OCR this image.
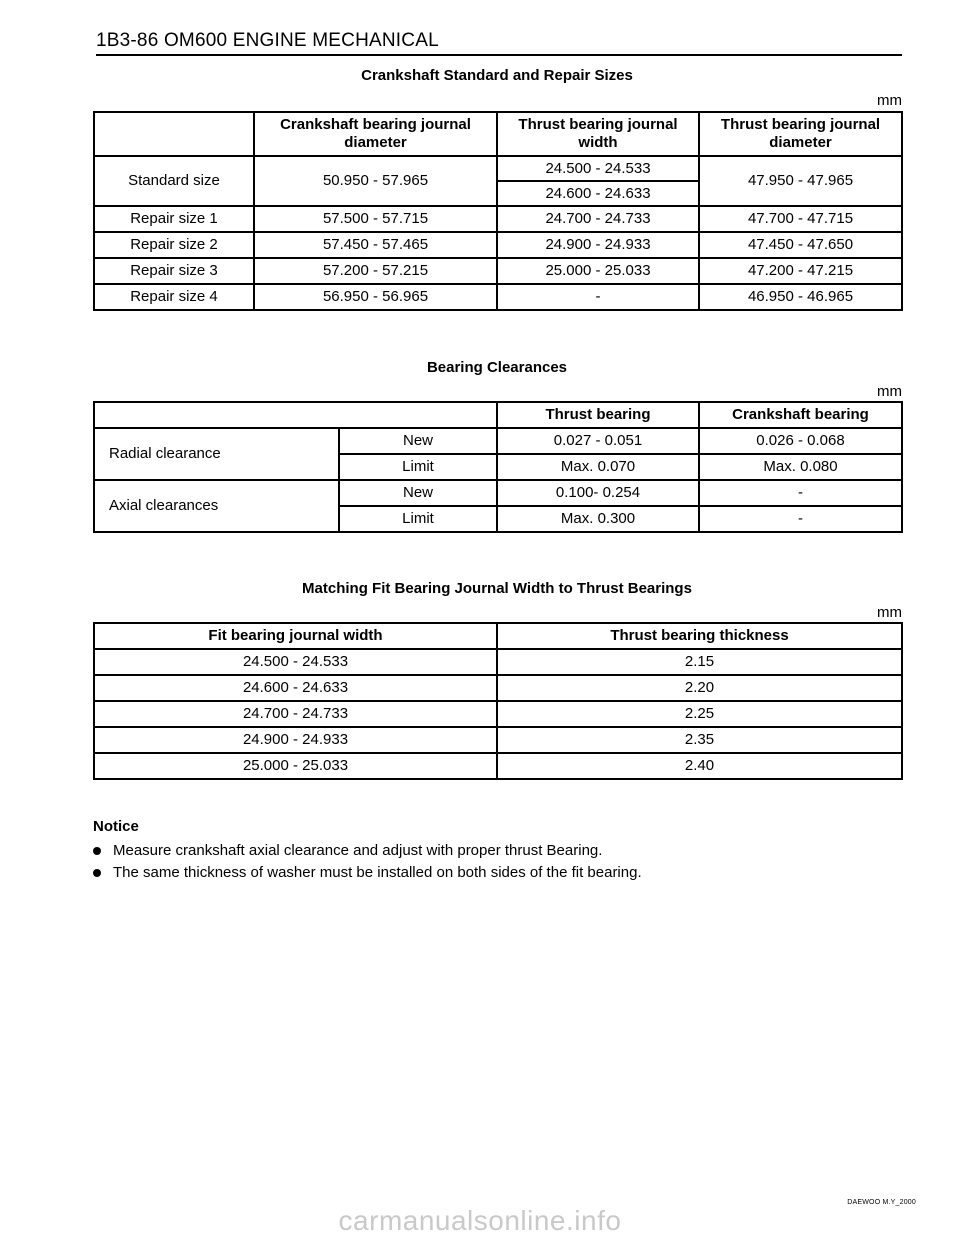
1B3‑86 OM600 ENGINE MECHANICAL
Crankshaft Standard and Repair Sizes
mm
	Crankshaft bearing journal diameter	Thrust bearing journal width	Thrust bearing journal diameter
Standard size	50.950 - 57.965	24.500 - 24.533	47.950 - 47.965
		24.600 - 24.633	
Repair size 1	57.500 - 57.715	24.700 - 24.733	47.700 - 47.715
Repair size 2	57.450 - 57.465	24.900 - 24.933	47.450 - 47.650
Repair size 3	57.200 - 57.215	25.000 - 25.033	47.200 - 47.215
Repair size 4	56.950 - 56.965	-	46.950 - 46.965
Bearing Clearances
mm
		Thrust bearing	Crankshaft bearing
Radial clearance	New	0.027 - 0.051	0.026 - 0.068
	Limit	Max. 0.070	Max. 0.080
Axial clearances	New	0.100- 0.254	-
	Limit	Max. 0.300	-
Matching Fit Bearing Journal Width to Thrust Bearings
mm
Fit bearing journal width	Thrust bearing thickness
24.500 - 24.533	2.15
24.600 - 24.633	2.20
24.700 - 24.733	2.25
24.900 - 24.933	2.35
25.000 - 25.033	2.40
Notice
Measure crankshaft axial clearance and adjust with proper thrust Bearing.
The same thickness of washer must be installed on both sides of the fit bearing.
DAEWOO M.Y_2000
carmanualsonline.info
